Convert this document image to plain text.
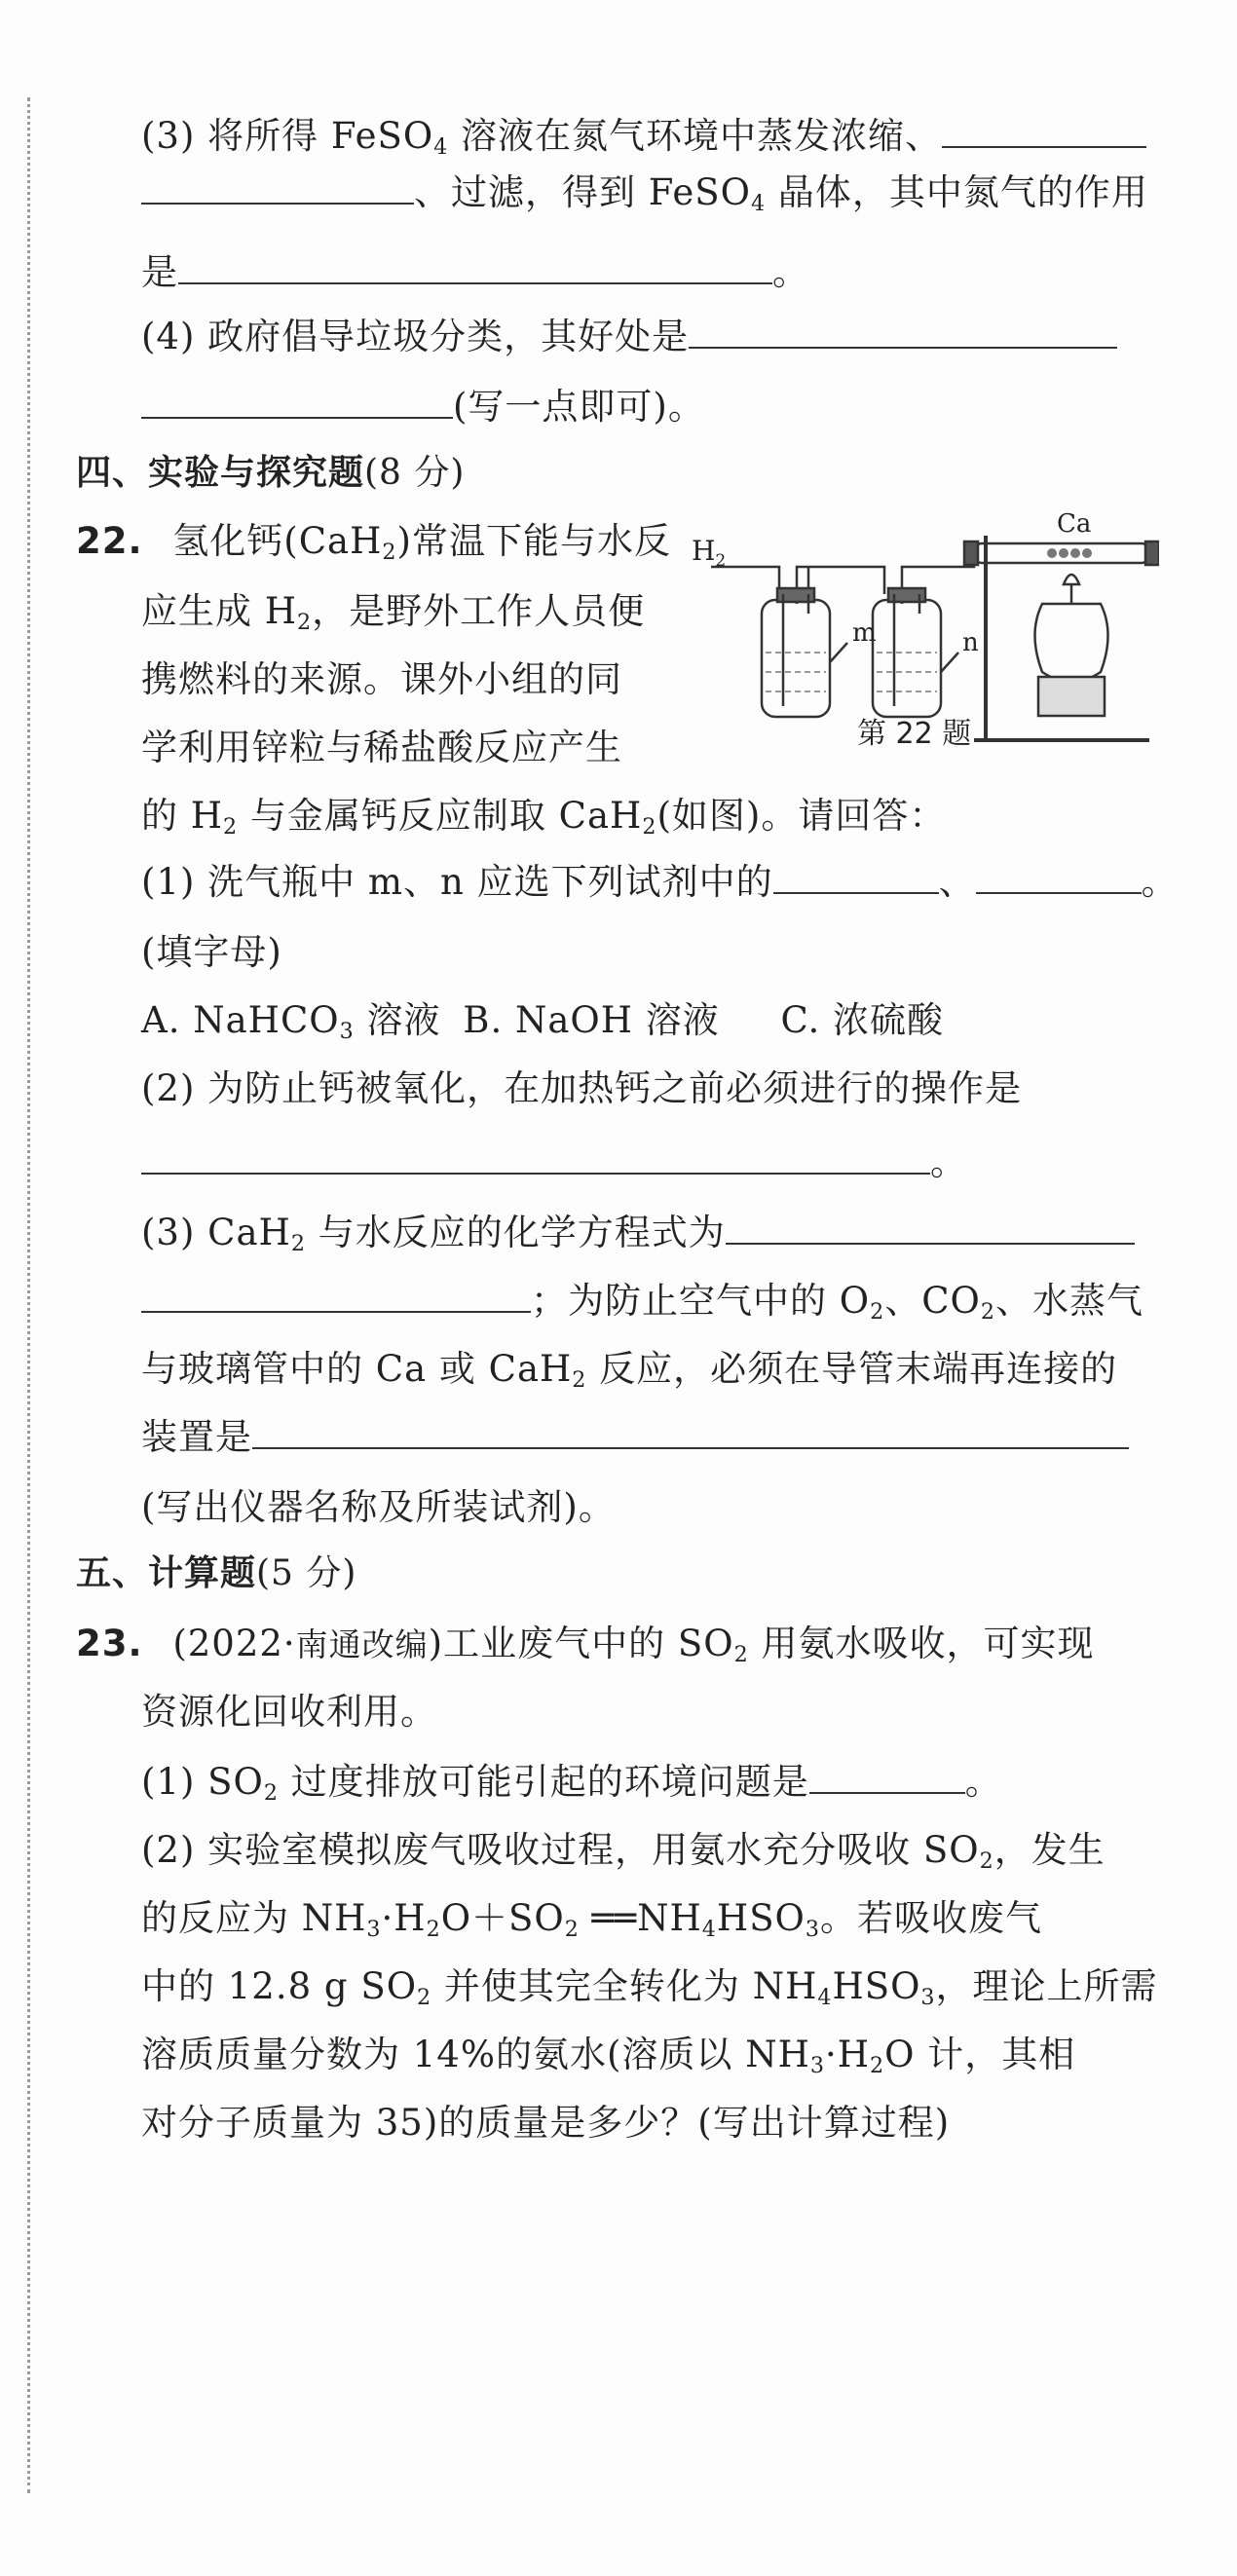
(3) 将所得 FeSO$_4$ 溶液在氮气环境中蒸发浓缩、
、过滤，得到 FeSO$_4$ 晶体，其中氮气的作用
是	。
(4) 政府倡导垃圾分类，其好处是
(写一点即可)。
四、实验与探究题(8 分)
22. 氢化钙(CaH$_2$)常温下能与水反
应生成 $H_2$，是野外工作人员便
携燃料的来源。课外小组的同
学利用锌粒与稀盐酸反应产生
的 $H_2$ 与金属钙反应制取 CaH$_2$(如图)。请回答：
$H_2$
m	n
Ca
第 22 题
(1) 洗气瓶中 m、n 应选下列试剂中的	、	。
(填字母)
A. NaHCO$_3$ 溶液 B. NaOH 溶液 C. 浓硫酸
(2) 为防止钙被氧化，在加热钙之前必须进行的操作是
。
(3) CaH$_2$ 与水反应的化学方程式为
；为防止空气中的 $O_2$、$CO_2$、水蒸气
与玻璃管中的 Ca 或 CaH$_2$ 反应，必须在导管末端再连接的
装置是
(写出仪器名称及所装试剂)。
五、计算题(5 分)
23. (2022·南通改编)工业废气中的 $SO_2$ 用氨水吸收，可实现
资源化回收利用。
(1) $SO_2$ 过度排放可能引起的环境问题是	。
(2) 实验室模拟废气吸收过程，用氨水充分吸收 $SO_2$，发生
的反应为 $NH_3\cdot H_2O+SO_2$ $══NH_4HSO_3$。若吸收废气
中的 12.8 g $SO_2$ 并使其完全转化为 $NH_4HSO_3$，理论上所需
溶质质量分数为 14%的氨水(溶质以 $NH_3\cdot H_2O$ 计，其相
对分子质量为 35)的质量是多少？(写出计算过程)
